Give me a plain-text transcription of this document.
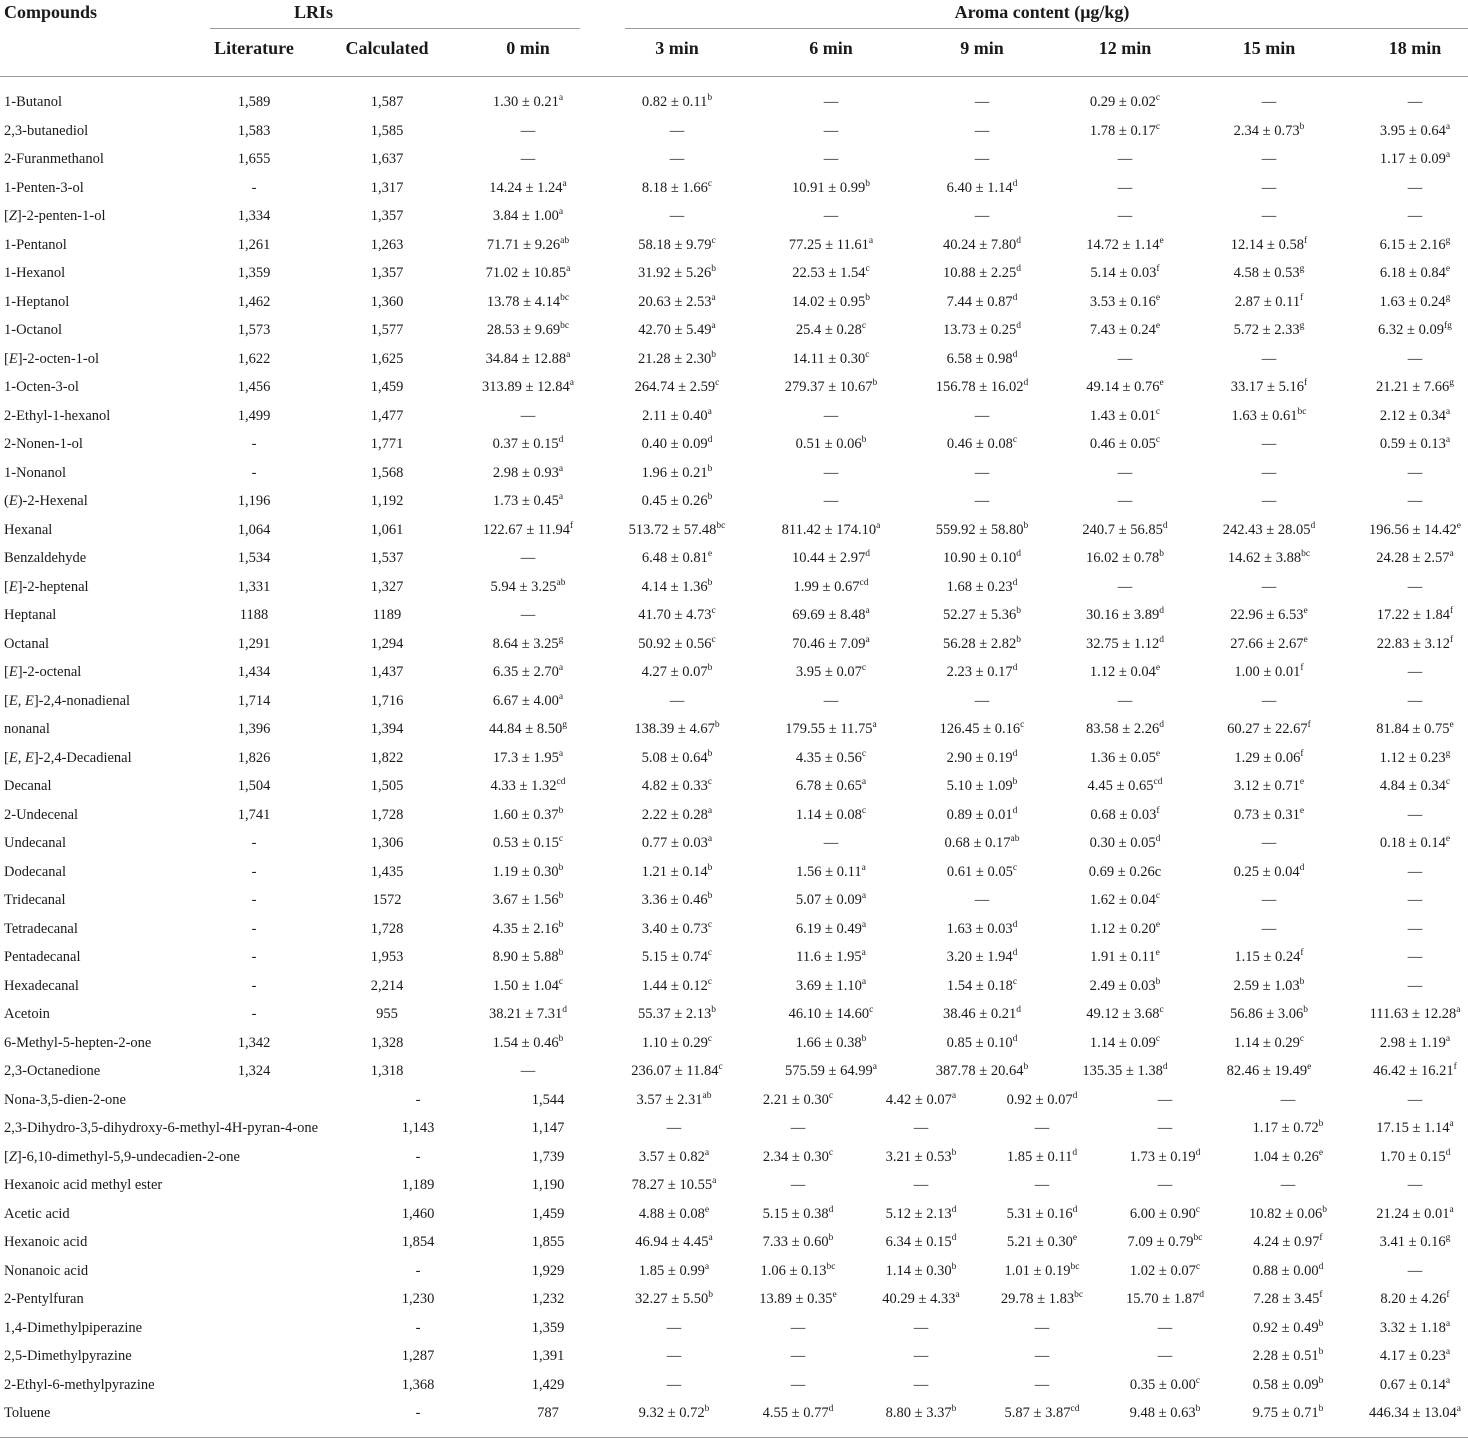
Compounds	LRIs	Aroma content (μg/kg)
Literature	Calculated	0 min	3 min	6 min	9 min	12 min	15 min	18 min
1-Butanol	1,589	1,587	1.30 ± 0.21$^a$	0.82 ± 0.11$^b$	—	—	0.29 ± 0.02$^c$	—	—
2,3-butanediol	1,583	1,585	—	—	—	—	1.78 ± 0.17$^c$	2.34 ± 0.73$^b$	3.95 ± 0.64$^a$
2-Furanmethanol	1,655	1,637	—	—	—	—	—	—	1.17 ± 0.09$^a$
1-Penten-3-ol	-	1,317	14.24 ± 1.24$^a$	8.18 ± 1.66$^c$	10.91 ± 0.99$^b$	6.40 ± 1.14$^d$	—	—	—
[Z]-2-penten-1-ol	1,334	1,357	3.84 ± 1.00$^a$	—	—	—	—	—	—
1-Pentanol	1,261	1,263	71.71 ± 9.26$^{ab}$	58.18 ± 9.79$^c$	77.25 ± 11.61$^a$	40.24 ± 7.80$^d$	14.72 ± 1.14$^e$	12.14 ± 0.58$^f$	6.15 ± 2.16$^g$
1-Hexanol	1,359	1,357	71.02 ± 10.85$^a$	31.92 ± 5.26$^b$	22.53 ± 1.54$^c$	10.88 ± 2.25$^d$	5.14 ± 0.03$^f$	4.58 ± 0.53$^g$	6.18 ± 0.84$^e$
1-Heptanol	1,462	1,360	13.78 ± 4.14$^{bc}$	20.63 ± 2.53$^a$	14.02 ± 0.95$^b$	7.44 ± 0.87$^d$	3.53 ± 0.16$^e$	2.87 ± 0.11$^f$	1.63 ± 0.24$^g$
1-Octanol	1,573	1,577	28.53 ± 9.69$^{bc}$	42.70 ± 5.49$^a$	25.4 ± 0.28$^c$	13.73 ± 0.25$^d$	7.43 ± 0.24$^e$	5.72 ± 2.33$^g$	6.32 ± 0.09$^{fg}$
[E]-2-octen-1-ol	1,622	1,625	34.84 ± 12.88$^a$	21.28 ± 2.30$^b$	14.11 ± 0.30$^c$	6.58 ± 0.98$^d$	—	—	—
1-Octen-3-ol	1,456	1,459	313.89 ± 12.84$^a$	264.74 ± 2.59$^c$	279.37 ± 10.67$^b$	156.78 ± 16.02$^d$	49.14 ± 0.76$^e$	33.17 ± 5.16$^f$	21.21 ± 7.66$^g$
2-Ethyl-1-hexanol	1,499	1,477	—	2.11 ± 0.40$^a$	—	—	1.43 ± 0.01$^c$	1.63 ± 0.61$^{bc}$	2.12 ± 0.34$^a$
2-Nonen-1-ol	-	1,771	0.37 ± 0.15$^d$	0.40 ± 0.09$^d$	0.51 ± 0.06$^b$	0.46 ± 0.08$^c$	0.46 ± 0.05$^c$	—	0.59 ± 0.13$^a$
1-Nonanol	-	1,568	2.98 ± 0.93$^a$	1.96 ± 0.21$^b$	—	—	—	—	—
(E)-2-Hexenal	1,196	1,192	1.73 ± 0.45$^a$	0.45 ± 0.26$^b$	—	—	—	—	—
Hexanal	1,064	1,061	122.67 ± 11.94$^f$	513.72 ± 57.48$^{bc}$	811.42 ± 174.10$^a$	559.92 ± 58.80$^b$	240.7 ± 56.85$^d$	242.43 ± 28.05$^d$	196.56 ± 14.42$^e$
Benzaldehyde	1,534	1,537	—	6.48 ± 0.81$^e$	10.44 ± 2.97$^d$	10.90 ± 0.10$^d$	16.02 ± 0.78$^b$	14.62 ± 3.88$^{bc}$	24.28 ± 2.57$^a$
[E]-2-heptenal	1,331	1,327	5.94 ± 3.25$^{ab}$	4.14 ± 1.36$^b$	1.99 ± 0.67$^{cd}$	1.68 ± 0.23$^d$	—	—	—
Heptanal	1188	1189	—	41.70 ± 4.73$^c$	69.69 ± 8.48$^a$	52.27 ± 5.36$^b$	30.16 ± 3.89$^d$	22.96 ± 6.53$^e$	17.22 ± 1.84$^f$
Octanal	1,291	1,294	8.64 ± 3.25$^g$	50.92 ± 0.56$^c$	70.46 ± 7.09$^a$	56.28 ± 2.82$^b$	32.75 ± 1.12$^d$	27.66 ± 2.67$^e$	22.83 ± 3.12$^f$
[E]-2-octenal	1,434	1,437	6.35 ± 2.70$^a$	4.27 ± 0.07$^b$	3.95 ± 0.07$^c$	2.23 ± 0.17$^d$	1.12 ± 0.04$^e$	1.00 ± 0.01$^f$	—
[E, E]-2,4-nonadienal	1,714	1,716	6.67 ± 4.00$^a$	—	—	—	—	—	—
nonanal	1,396	1,394	44.84 ± 8.50$^g$	138.39 ± 4.67$^b$	179.55 ± 11.75$^a$	126.45 ± 0.16$^c$	83.58 ± 2.26$^d$	60.27 ± 22.67$^f$	81.84 ± 0.75$^e$
[E, E]-2,4-Decadienal	1,826	1,822	17.3 ± 1.95$^a$	5.08 ± 0.64$^b$	4.35 ± 0.56$^c$	2.90 ± 0.19$^d$	1.36 ± 0.05$^e$	1.29 ± 0.06$^f$	1.12 ± 0.23$^g$
Decanal	1,504	1,505	4.33 ± 1.32$^{cd}$	4.82 ± 0.33$^c$	6.78 ± 0.65$^a$	5.10 ± 1.09$^b$	4.45 ± 0.65$^{cd}$	3.12 ± 0.71$^e$	4.84 ± 0.34$^c$
2-Undecenal	1,741	1,728	1.60 ± 0.37$^b$	2.22 ± 0.28$^a$	1.14 ± 0.08$^c$	0.89 ± 0.01$^d$	0.68 ± 0.03$^f$	0.73 ± 0.31$^e$	—
Undecanal	-	1,306	0.53 ± 0.15$^c$	0.77 ± 0.03$^a$	—	0.68 ± 0.17$^{ab}$	0.30 ± 0.05$^d$	—	0.18 ± 0.14$^e$
Dodecanal	-	1,435	1.19 ± 0.30$^b$	1.21 ± 0.14$^b$	1.56 ± 0.11$^a$	0.61 ± 0.05$^c$	0.69 ± 0.26c	0.25 ± 0.04$^d$	—
Tridecanal	-	1572	3.67 ± 1.56$^b$	3.36 ± 0.46$^b$	5.07 ± 0.09$^a$	—	1.62 ± 0.04$^c$	—	—
Tetradecanal	-	1,728	4.35 ± 2.16$^b$	3.40 ± 0.73$^c$	6.19 ± 0.49$^a$	1.63 ± 0.03$^d$	1.12 ± 0.20$^e$	—	—
Pentadecanal	-	1,953	8.90 ± 5.88$^b$	5.15 ± 0.74$^c$	11.6 ± 1.95$^a$	3.20 ± 1.94$^d$	1.91 ± 0.11$^e$	1.15 ± 0.24$^f$	—
Hexadecanal	-	2,214	1.50 ± 1.04$^c$	1.44 ± 0.12$^c$	3.69 ± 1.10$^a$	1.54 ± 0.18$^c$	2.49 ± 0.03$^b$	2.59 ± 1.03$^b$	—
Acetoin	-	955	38.21 ± 7.31$^d$	55.37 ± 2.13$^b$	46.10 ± 14.60$^c$	38.46 ± 0.21$^d$	49.12 ± 3.68$^c$	56.86 ± 3.06$^b$	111.63 ± 12.28$^a$
6-Methyl-5-hepten-2-one	1,342	1,328	1.54 ± 0.46$^b$	1.10 ± 0.29$^c$	1.66 ± 0.38$^b$	0.85 ± 0.10$^d$	1.14 ± 0.09$^c$	1.14 ± 0.29$^c$	2.98 ± 1.19$^a$
2,3-Octanedione	1,324	1,318	—	236.07 ± 11.84$^c$	575.59 ± 64.99$^a$	387.78 ± 20.64$^b$	135.35 ± 1.38$^d$	82.46 ± 19.49$^e$	46.42 ± 16.21$^f$
Nona-3,5-dien-2-one	-	1,544	3.57 ± 2.31$^{ab}$	2.21 ± 0.30$^c$	4.42 ± 0.07$^a$	0.92 ± 0.07$^d$	—	—	—
2,3-Dihydro-3,5-dihydroxy-6-methyl-4H-pyran-4-one	1,143	1,147	—	—	—	—	—	1.17 ± 0.72$^b$	17.15 ± 1.14$^a$
[Z]-6,10-dimethyl-5,9-undecadien-2-one	-	1,739	3.57 ± 0.82$^a$	2.34 ± 0.30$^c$	3.21 ± 0.53$^b$	1.85 ± 0.11$^d$	1.73 ± 0.19$^d$	1.04 ± 0.26$^e$	1.70 ± 0.15$^d$
Hexanoic acid methyl ester	1,189	1,190	78.27 ± 10.55$^a$	—	—	—	—	—	—
Acetic acid	1,460	1,459	4.88 ± 0.08$^e$	5.15 ± 0.38$^d$	5.12 ± 2.13$^d$	5.31 ± 0.16$^d$	6.00 ± 0.90$^c$	10.82 ± 0.06$^b$	21.24 ± 0.01$^a$
Hexanoic acid	1,854	1,855	46.94 ± 4.45$^a$	7.33 ± 0.60$^b$	6.34 ± 0.15$^d$	5.21 ± 0.30$^e$	7.09 ± 0.79$^{bc}$	4.24 ± 0.97$^f$	3.41 ± 0.16$^g$
Nonanoic acid	-	1,929	1.85 ± 0.99$^a$	1.06 ± 0.13$^{bc}$	1.14 ± 0.30$^b$	1.01 ± 0.19$^{bc}$	1.02 ± 0.07$^c$	0.88 ± 0.00$^d$	—
2-Pentylfuran	1,230	1,232	32.27 ± 5.50$^b$	13.89 ± 0.35$^e$	40.29 ± 4.33$^a$	29.78 ± 1.83$^{bc}$	15.70 ± 1.87$^d$	7.28 ± 3.45$^f$	8.20 ± 4.26$^f$
1,4-Dimethylpiperazine	-	1,359	—	—	—	—	—	0.92 ± 0.49$^b$	3.32 ± 1.18$^a$
2,5-Dimethylpyrazine	1,287	1,391	—	—	—	—	—	2.28 ± 0.51$^b$	4.17 ± 0.23$^a$
2-Ethyl-6-methylpyrazine	1,368	1,429	—	—	—	—	0.35 ± 0.00$^c$	0.58 ± 0.09$^b$	0.67 ± 0.14$^a$
Toluene	-	787	9.32 ± 0.72$^b$	4.55 ± 0.77$^d$	8.80 ± 3.37$^b$	5.87 ± 3.87$^{cd}$	9.48 ± 0.63$^b$	9.75 ± 0.71$^b$	446.34 ± 13.04$^a$
